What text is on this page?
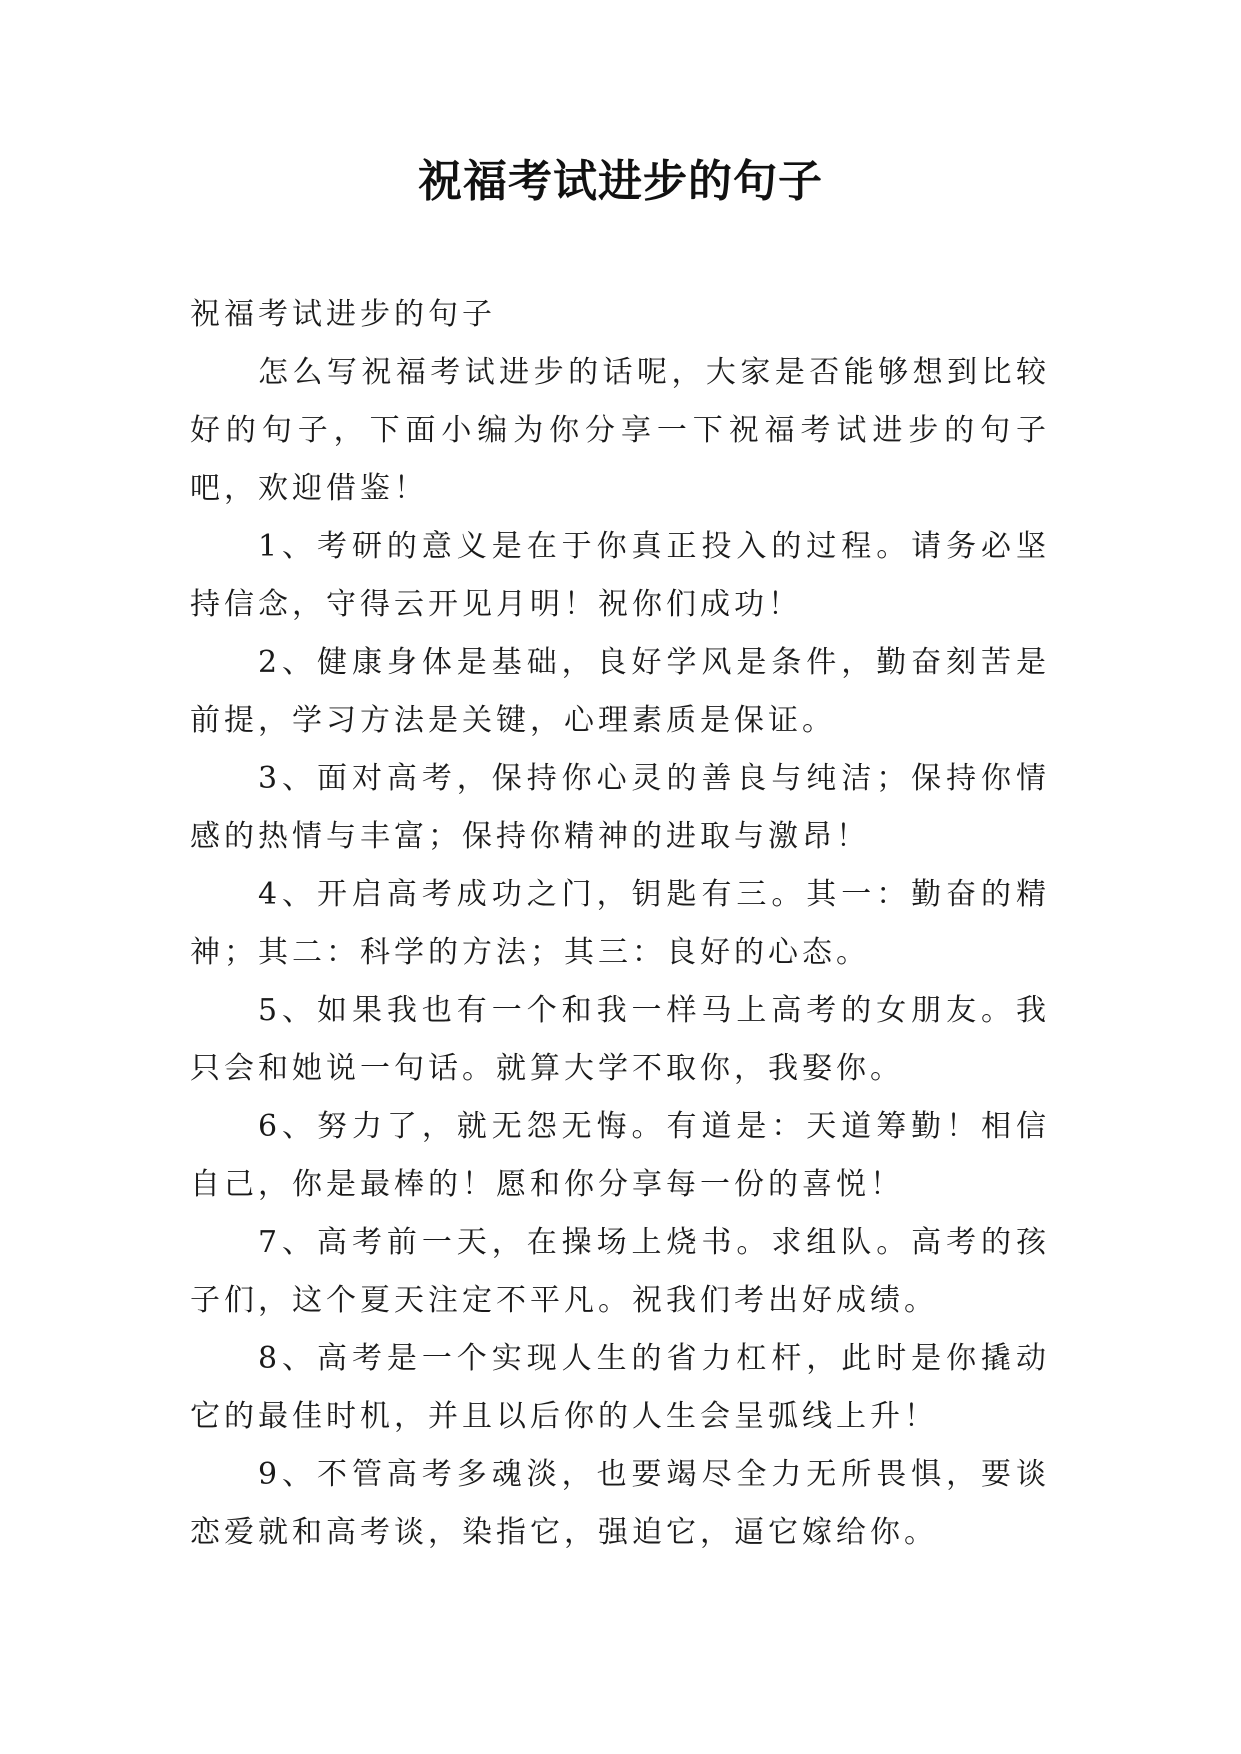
祝福考试进步的句子

祝福考试进步的句子

怎么写祝福考试进步的话呢，大家是否能够想到比较好的句子，下面小编为你分享一下祝福考试进步的句子吧，欢迎借鉴！

1、考研的意义是在于你真正投入的过程。请务必坚持信念，守得云开见月明！祝你们成功！

2、健康身体是基础，良好学风是条件，勤奋刻苦是前提，学习方法是关键，心理素质是保证。

3、面对高考，保持你心灵的善良与纯洁；保持你情感的热情与丰富；保持你精神的进取与激昂！

4、开启高考成功之门，钥匙有三。其一：勤奋的精神；其二：科学的方法；其三：良好的心态。

5、如果我也有一个和我一样马上高考的女朋友。我只会和她说一句话。就算大学不取你，我娶你。

6、努力了，就无怨无悔。有道是：天道筹勤！相信自己，你是最棒的！愿和你分享每一份的喜悦！

7、高考前一天，在操场上烧书。求组队。高考的孩子们，这个夏天注定不平凡。祝我们考出好成绩。

8、高考是一个实现人生的省力杠杆，此时是你撬动它的最佳时机，并且以后你的人生会呈弧线上升！

9、不管高考多魂淡，也要竭尽全力无所畏惧，要谈恋爱就和高考谈，染指它，强迫它，逼它嫁给你。
